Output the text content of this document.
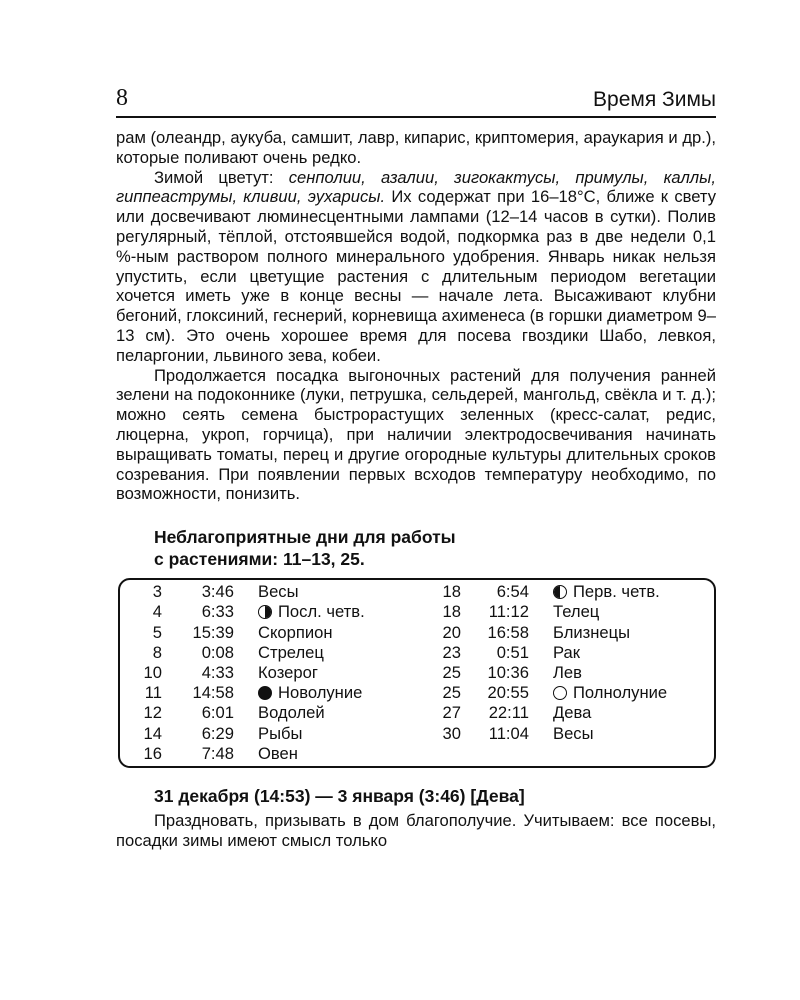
8	Время Зимы

рам (олеандр, аукуба, самшит, лавр, кипарис, криптомерия, араукария и др.), которые поливают очень редко.

Зимой цветут: сенполии, азалии, зигокактусы, примулы, каллы, гиппеаструмы, кливии, эухарисы. Их содержат при 16–18°С, ближе к свету или досвечивают люминесцентными лампами (12–14 часов в сутки). Полив регулярный, тёплой, отстоявшейся водой, подкормка раз в две недели 0,1 %-ным раствором полного минерального удобрения. Январь никак нельзя упустить, если цветущие растения с длительным периодом вегетации хочется иметь уже в конце весны — начале лета. Высаживают клубни бегоний, глоксиний, геснерий, корневища ахименеса (в горшки диаметром 9–13 см). Это очень хорошее время для посева гвоздики Шабо, левкоя, пеларгонии, львиного зева, кобеи.

Продолжается посадка выгоночных растений для получения ранней зелени на подоконнике (луки, петрушка, сельдерей, мангольд, свёкла и т. д.); можно сеять семена быстрорастущих зеленных (кресс-салат, редис, люцерна, укроп, горчица), при наличии электродосвечивания начинать выращивать томаты, перец и другие огородные культуры длительных сроков созревания. При появлении первых всходов температуру необходимо, по возможности, понизить.

Неблагоприятные дни для работы
с растениями: 11–13, 25.
3	3:46 Весы
4	6:33	Посл. четв.
5	15:39 Скорпион
8	0:08 Стрелец
10	4:33 Козерог
11	14:58	Новолуние
12	6:01 Водолей
14	6:29 Рыбы
16	7:48 Овен
18	6:54	Перв. четв.
18	11:12 Телец
20	16:58 Близнецы
23	0:51 Рак
25	10:36 Лев
25	20:55	Полнолуние
27	22:11 Дева
30	11:04 Весы
31 декабря (14:53) — 3 января (3:46) [Дева]

Праздновать, призывать в дом благополучие. Учитываем: все посевы, посадки зимы имеют смысл только
